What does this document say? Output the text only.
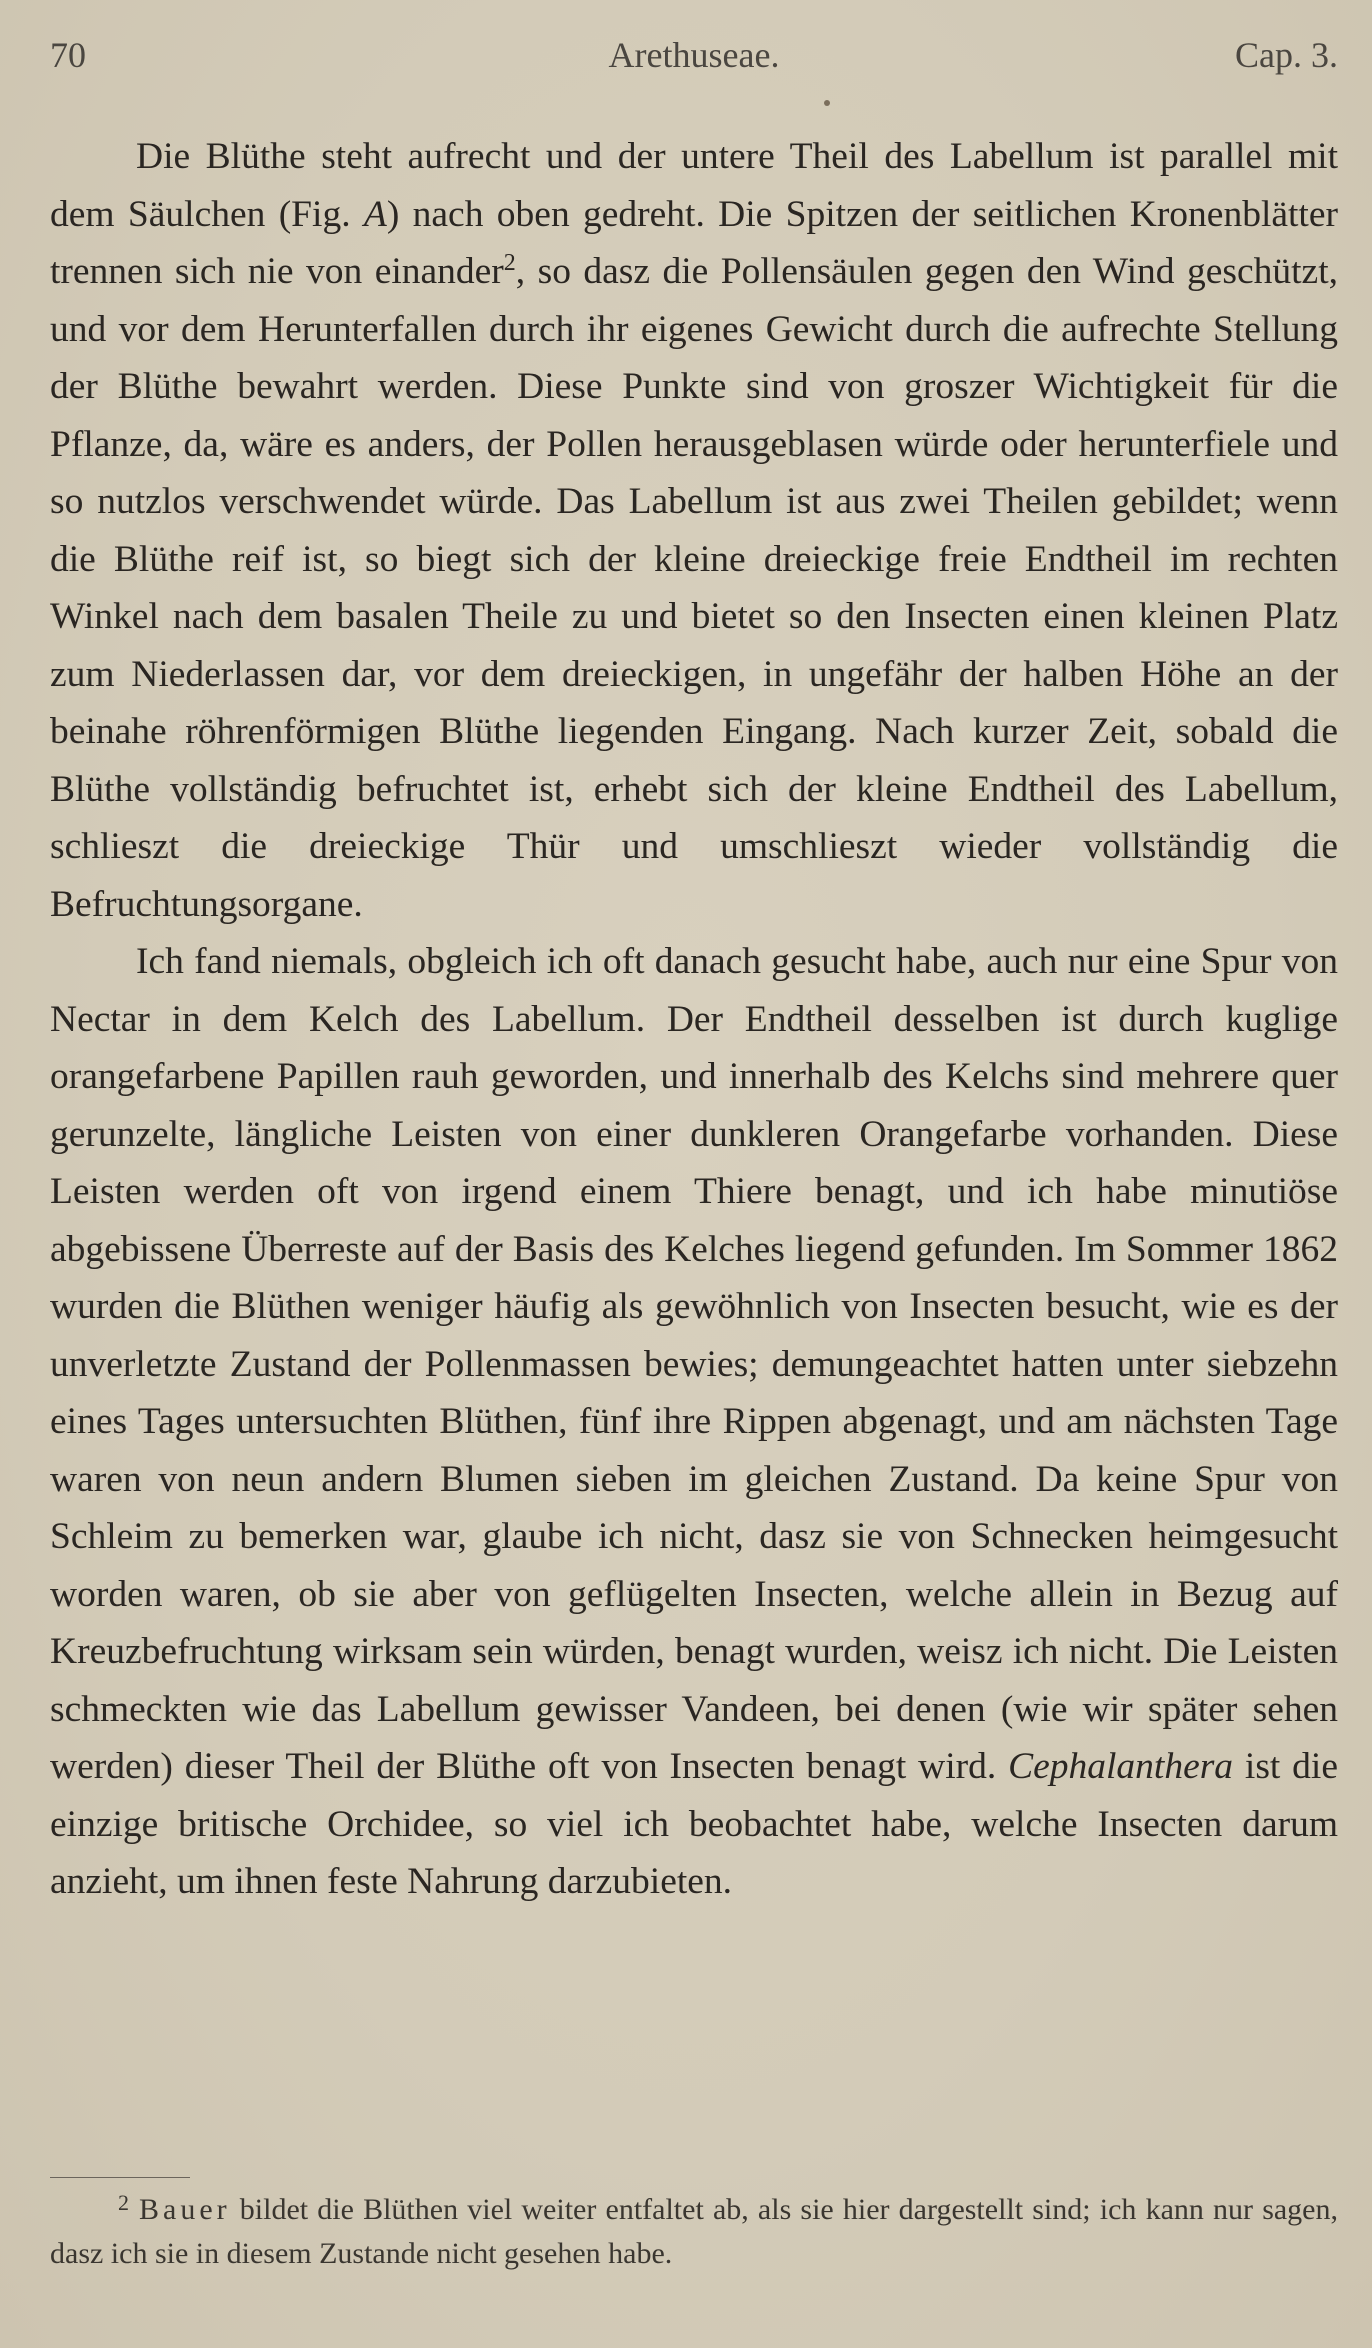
70	Arethuseae.	Cap. 3.

Die Blüthe steht aufrecht und der untere Theil des Labellum ist parallel mit dem Säulchen (Fig. A) nach oben gedreht. Die Spitzen der seitlichen Kronenblätter trennen sich nie von einander$^2$, so dasz die Pollensäulen gegen den Wind geschützt, und vor dem Herunterfallen durch ihr eigenes Gewicht durch die aufrechte Stellung der Blüthe bewahrt werden. Diese Punkte sind von groszer Wichtigkeit für die Pflanze, da, wäre es anders, der Pollen herausgeblasen würde oder herunterfiele und so nutzlos verschwendet würde. Das Labellum ist aus zwei Theilen gebildet; wenn die Blüthe reif ist, so biegt sich der kleine dreieckige freie Endtheil im rechten Winkel nach dem basalen Theile zu und bietet so den Insecten einen kleinen Platz zum Niederlassen dar, vor dem dreieckigen, in ungefähr der halben Höhe an der beinahe röhrenförmigen Blüthe liegenden Eingang. Nach kurzer Zeit, sobald die Blüthe vollständig befruchtet ist, erhebt sich der kleine Endtheil des Labellum, schlieszt die dreieckige Thür und umschlieszt wieder vollständig die Befruchtungsorgane.

Ich fand niemals, obgleich ich oft danach gesucht habe, auch nur eine Spur von Nectar in dem Kelch des Labellum. Der Endtheil desselben ist durch kuglige orangefarbene Papillen rauh geworden, und innerhalb des Kelchs sind mehrere quer gerunzelte, längliche Leisten von einer dunkleren Orangefarbe vorhanden. Diese Leisten werden oft von irgend einem Thiere benagt, und ich habe minutiöse abgebissene Überreste auf der Basis des Kelches liegend gefunden. Im Sommer 1862 wurden die Blüthen weniger häufig als gewöhnlich von Insecten besucht, wie es der unverletzte Zustand der Pollenmassen bewies; demungeachtet hatten unter siebzehn eines Tages untersuchten Blüthen, fünf ihre Rippen abgenagt, und am nächsten Tage waren von neun andern Blumen sieben im gleichen Zustand. Da keine Spur von Schleim zu bemerken war, glaube ich nicht, dasz sie von Schnecken heimgesucht worden waren, ob sie aber von geflügelten Insecten, welche allein in Bezug auf Kreuzbefruchtung wirksam sein würden, benagt wurden, weisz ich nicht. Die Leisten schmeckten wie das Labellum gewisser Vandeen, bei denen (wie wir später sehen werden) dieser Theil der Blüthe oft von Insecten benagt wird. Cephalanthera ist die einzige britische Orchidee, so viel ich beobachtet habe, welche Insecten darum anzieht, um ihnen feste Nahrung darzubieten.

$^2$ Bauer bildet die Blüthen viel weiter entfaltet ab, als sie hier dargestellt sind; ich kann nur sagen, dasz ich sie in diesem Zustande nicht gesehen habe.
